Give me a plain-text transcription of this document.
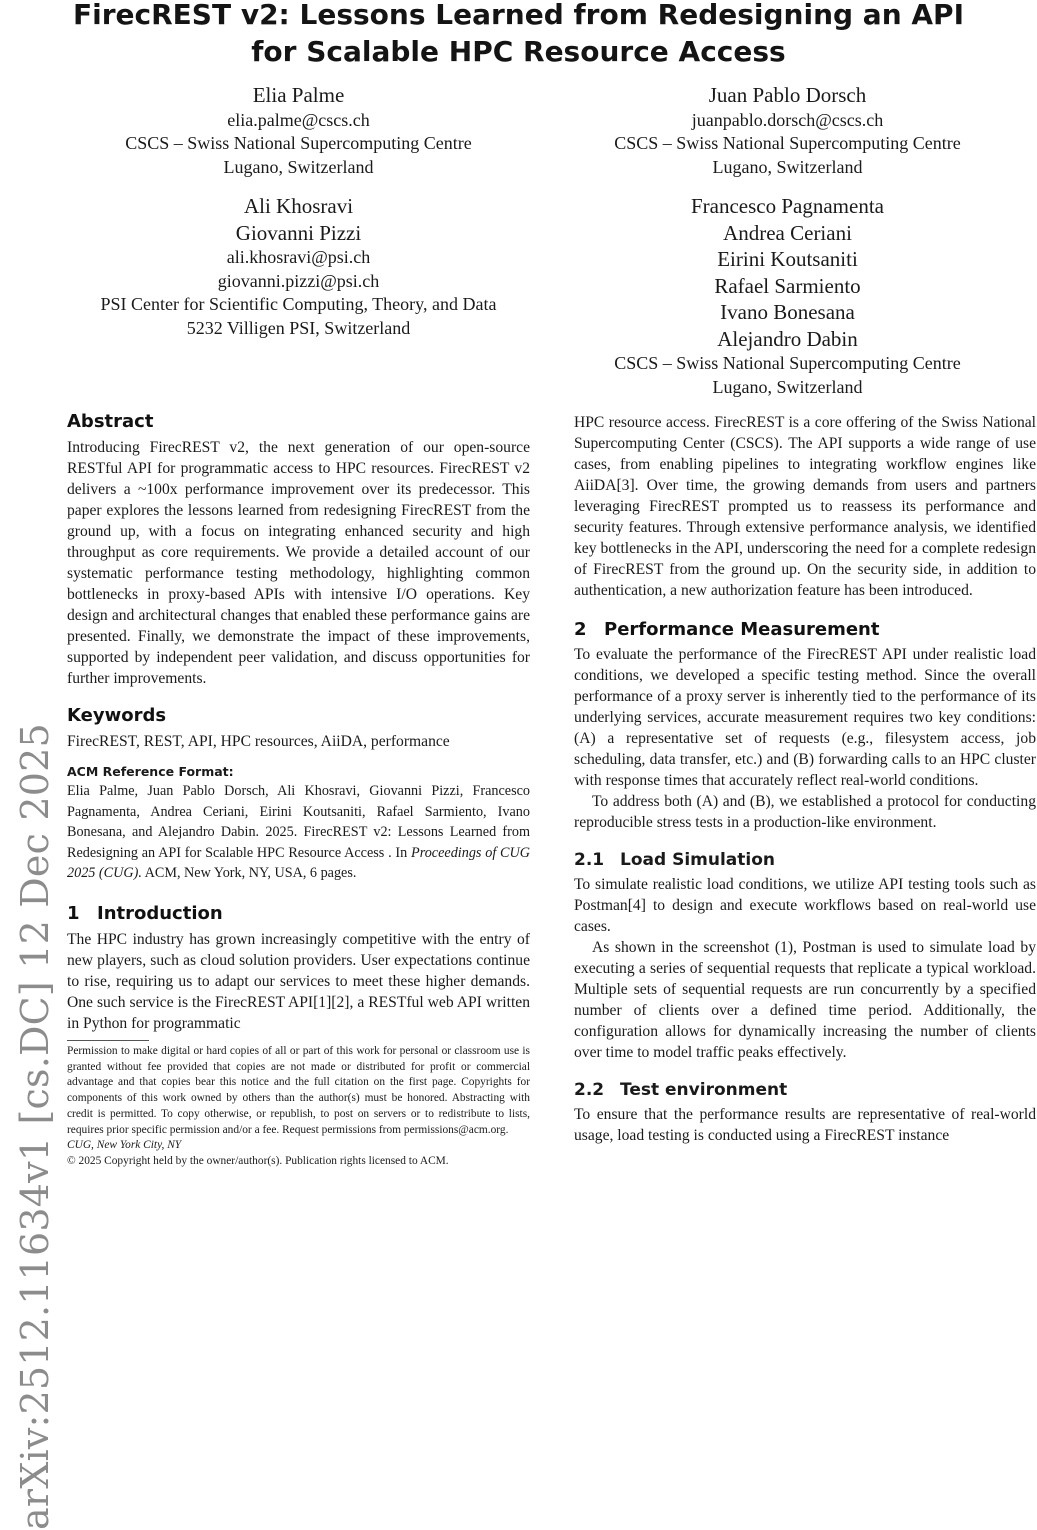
FirecREST v2: Lessons Learned from Redesigning an API for Scalable HPC Resource Access
arXiv:2512.11634v1 [cs.DC] 12 Dec 2025
Elia Palme
elia.palme@cscs.ch
CSCS – Swiss National Supercomputing Centre
Lugano, Switzerland
Juan Pablo Dorsch
juanpablo.dorsch@cscs.ch
CSCS – Swiss National Supercomputing Centre
Lugano, Switzerland
Ali Khosravi
Giovanni Pizzi
ali.khosravi@psi.ch
giovanni.pizzi@psi.ch
PSI Center for Scientific Computing, Theory, and Data
5232 Villigen PSI, Switzerland
Francesco Pagnamenta
Andrea Ceriani
Eirini Koutsaniti
Rafael Sarmiento
Ivano Bonesana
Alejandro Dabin
CSCS – Swiss National Supercomputing Centre
Lugano, Switzerland
Abstract

Introducing FirecREST v2, the next generation of our open-source RESTful API for programmatic access to HPC resources. FirecREST v2 delivers a ~100x performance improvement over its predecessor. This paper explores the lessons learned from redesigning FirecREST from the ground up, with a focus on integrating enhanced security and high throughput as core requirements. We provide a detailed account of our systematic performance testing methodology, highlighting common bottlenecks in proxy-based APIs with intensive I/O operations. Key design and architectural changes that enabled these performance gains are presented. Finally, we demonstrate the impact of these improvements, supported by independent peer validation, and discuss opportunities for further improvements.

Keywords

FirecREST, REST, API, HPC resources, AiiDA, performance

ACM Reference Format:

Elia Palme, Juan Pablo Dorsch, Ali Khosravi, Giovanni Pizzi, Francesco Pagnamenta, Andrea Ceriani, Eirini Koutsaniti, Rafael Sarmiento, Ivano Bonesana, and Alejandro Dabin. 2025. FirecREST v2: Lessons Learned from Redesigning an API for Scalable HPC Resource Access . In Proceedings of CUG 2025 (CUG). ACM, New York, NY, USA, 6 pages.

1 Introduction

The HPC industry has grown increasingly competitive with the entry of new players, such as cloud solution providers. User expectations continue to rise, requiring us to adapt our services to meet these higher demands. One such service is the FirecREST API[1][2], a RESTful web API written in Python for programmatic

Permission to make digital or hard copies of all or part of this work for personal or classroom use is granted without fee provided that copies are not made or distributed for profit or commercial advantage and that copies bear this notice and the full citation on the first page. Copyrights for components of this work owned by others than the author(s) must be honored. Abstracting with credit is permitted. To copy otherwise, or republish, to post on servers or to redistribute to lists, requires prior specific permission and/or a fee. Request permissions from permissions@acm.org.

CUG, New York City, NY

© 2025 Copyright held by the owner/author(s). Publication rights licensed to ACM.

HPC resource access. FirecREST is a core offering of the Swiss National Supercomputing Center (CSCS). The API supports a wide range of use cases, from enabling pipelines to integrating workflow engines like AiiDA[3]. Over time, the growing demands from users and partners leveraging FirecREST prompted us to reassess its performance and security features. Through extensive performance analysis, we identified key bottlenecks in the API, underscoring the need for a complete redesign of FirecREST from the ground up. On the security side, in addition to authentication, a new authorization feature has been introduced.

2 Performance Measurement

To evaluate the performance of the FirecREST API under realistic load conditions, we developed a specific testing method. Since the overall performance of a proxy server is inherently tied to the performance of its underlying services, accurate measurement requires two key conditions: (A) a representative set of requests (e.g., filesystem access, job scheduling, data transfer, etc.) and (B) forwarding calls to an HPC cluster with response times that accurately reflect real-world conditions.

To address both (A) and (B), we established a protocol for conducting reproducible stress tests in a production-like environment.

2.1 Load Simulation

To simulate realistic load conditions, we utilize API testing tools such as Postman[4] to design and execute workflows based on real-world use cases.

As shown in the screenshot (1), Postman is used to simulate load by executing a series of sequential requests that replicate a typical workload. Multiple sets of sequential requests are run concurrently by a specified number of clients over a defined time period. Additionally, the configuration allows for dynamically increasing the number of clients over time to model traffic peaks effectively.

2.2 Test environment

To ensure that the performance results are representative of real-world usage, load testing is conducted using a FirecREST instance
